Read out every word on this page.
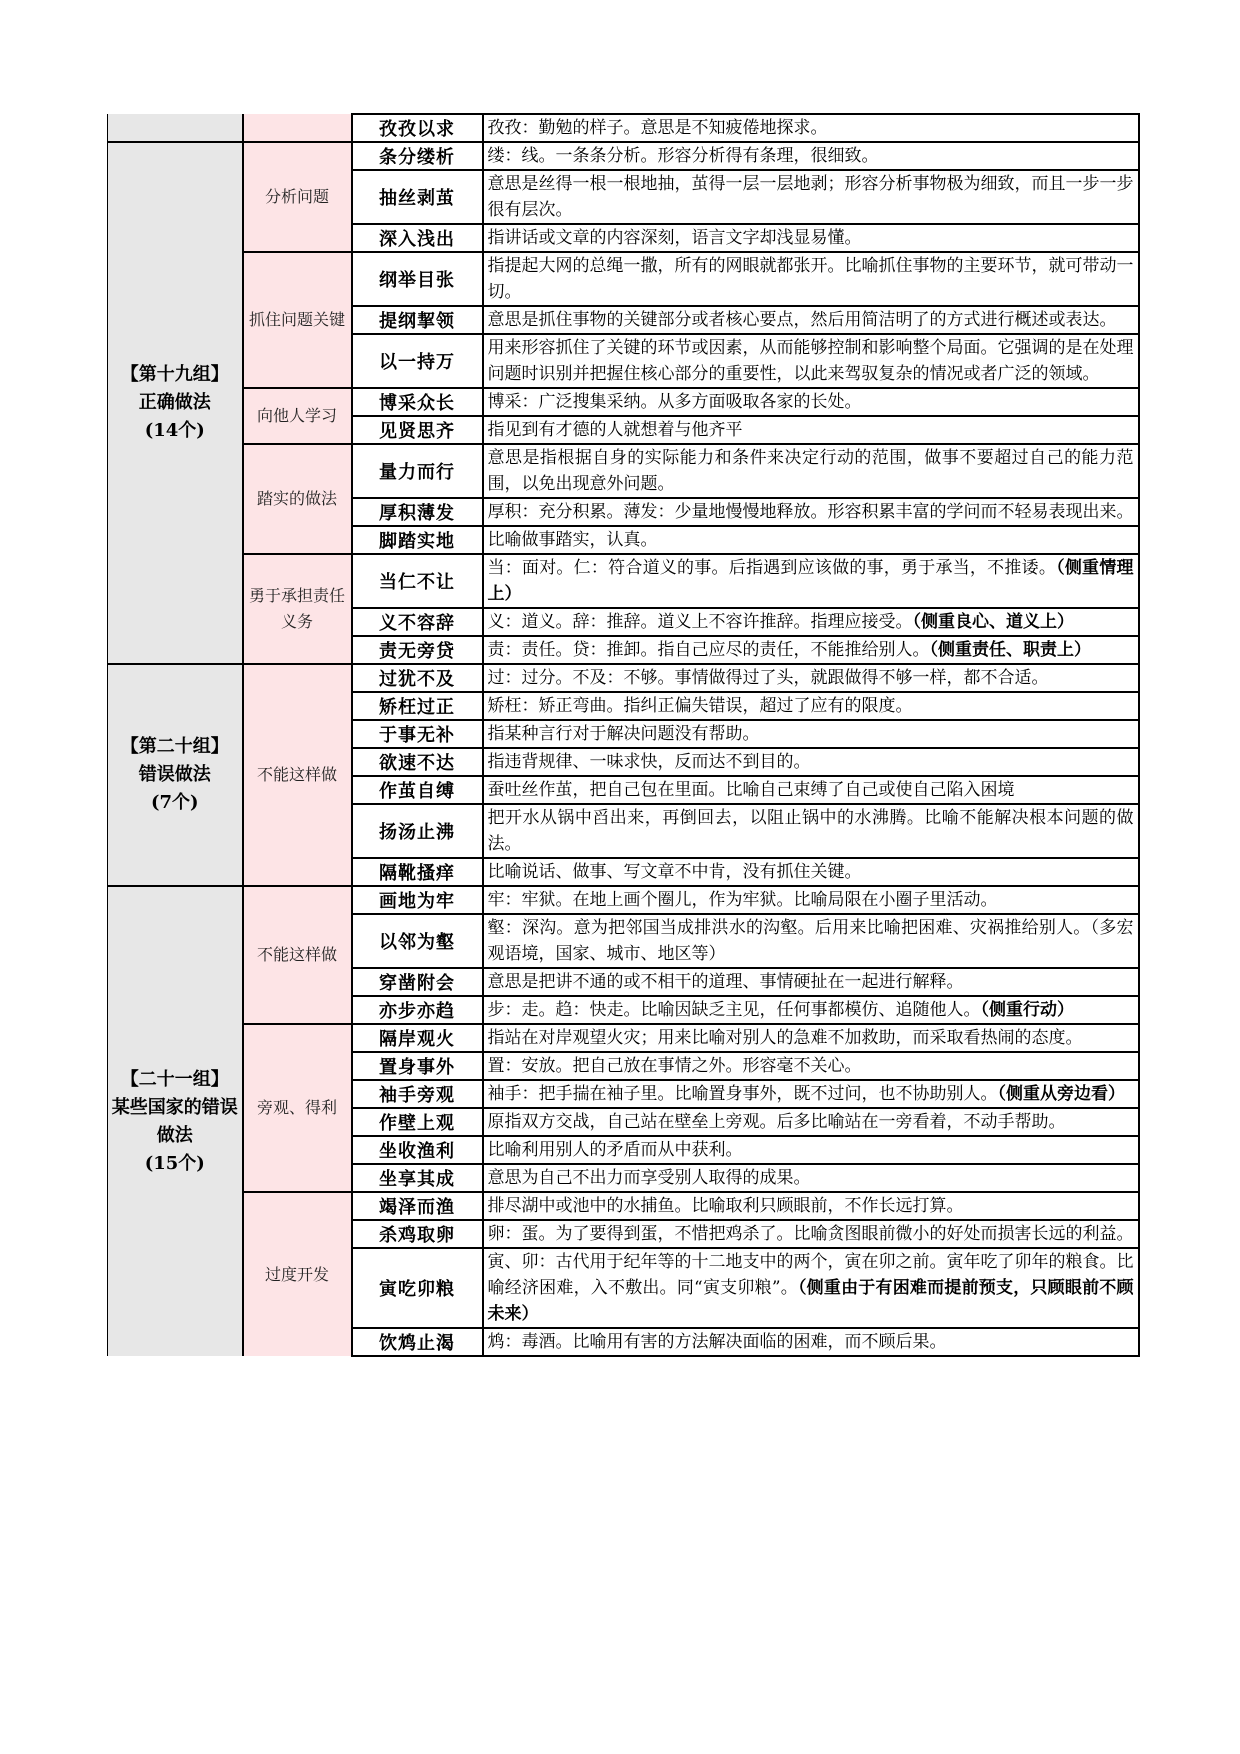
		孜孜以求	孜孜：勤勉的样子。意思是不知疲倦地探求。

【第十九组】
正确做法
(14个)	分析问题	条分缕析	缕：线。一条条分析。形容分析得有条理，很细致。
		抽丝剥茧	意思是丝得一根一根地抽，茧得一层一层地剥；形容分析事物极为细致，而且一步一步很有层次。
		深入浅出	指讲话或文章的内容深刻，语言文字却浅显易懂。
	抓住问题关键	纲举目张	指提起大网的总绳一撒，所有的网眼就都张开。比喻抓住事物的主要环节，就可带动一切。
		提纲挈领	意思是抓住事物的关键部分或者核心要点，然后用简洁明了的方式进行概述或表达。
		以一持万	用来形容抓住了关键的环节或因素，从而能够控制和影响整个局面。它强调的是在处理问题时识别并把握住核心部分的重要性，以此来驾驭复杂的情况或者广泛的领域。
	向他人学习	博采众长	博采：广泛搜集采纳。从多方面吸取各家的长处。
		见贤思齐	指见到有才德的人就想着与他齐平
	踏实的做法	量力而行	意思是指根据自身的实际能力和条件来决定行动的范围，做事不要超过自己的能力范围，以免出现意外问题。
		厚积薄发	厚积：充分积累。薄发：少量地慢慢地释放。形容积累丰富的学问而不轻易表现出来。
		脚踏实地	比喻做事踏实，认真。
	勇于承担责任义务	当仁不让	当：面对。仁：符合道义的事。后指遇到应该做的事，勇于承当，不推诿。（侧重情理上）
		义不容辞	义：道义。辞：推辞。道义上不容许推辞。指理应接受。（侧重良心、道义上）
		责无旁贷	责：责任。贷：推卸。指自己应尽的责任，不能推给别人。（侧重责任、职责上）

【第二十组】
错误做法
(7个)	不能这样做	过犹不及	过：过分。不及：不够。事情做得过了头，就跟做得不够一样，都不合适。
		矫枉过正	矫枉：矫正弯曲。指纠正偏失错误，超过了应有的限度。
		于事无补	指某种言行对于解决问题没有帮助。
		欲速不达	指违背规律、一味求快，反而达不到目的。
		作茧自缚	蚕吐丝作茧，把自己包在里面。比喻自己束缚了自己或使自己陷入困境
		扬汤止沸	把开水从锅中舀出来，再倒回去，以阻止锅中的水沸腾。比喻不能解决根本问题的做法。
		隔靴搔痒	比喻说话、做事、写文章不中肯，没有抓住关键。

【二十一组】
某些国家的错误做法
(15个)	不能这样做	画地为牢	牢：牢狱。在地上画个圈儿，作为牢狱。比喻局限在小圈子里活动。
		以邻为壑	壑：深沟。意为把邻国当成排洪水的沟壑。后用来比喻把困难、灾祸推给别人。（多宏观语境，国家、城市、地区等）
		穿凿附会	意思是把讲不通的或不相干的道理、事情硬扯在一起进行解释。
		亦步亦趋	步：走。趋：快走。比喻因缺乏主见，任何事都模仿、追随他人。（侧重行动）
	旁观、得利	隔岸观火	指站在对岸观望火灾；用来比喻对别人的急难不加救助，而采取看热闹的态度。
		置身事外	置：安放。把自己放在事情之外。形容毫不关心。
		袖手旁观	袖手：把手揣在袖子里。比喻置身事外，既不过问，也不协助别人。（侧重从旁边看）
		作壁上观	原指双方交战，自己站在壁垒上旁观。后多比喻站在一旁看着，不动手帮助。
		坐收渔利	比喻利用别人的矛盾而从中获利。
		坐享其成	意思为自己不出力而享受别人取得的成果。
	过度开发	竭泽而渔	排尽湖中或池中的水捕鱼。比喻取利只顾眼前，不作长远打算。
		杀鸡取卵	卵：蛋。为了要得到蛋，不惜把鸡杀了。比喻贪图眼前微小的好处而损害长远的利益。
		寅吃卯粮	寅、卯：古代用于纪年等的十二地支中的两个，寅在卯之前。寅年吃了卯年的粮食。比喻经济困难，入不敷出。同“寅支卯粮”。（侧重由于有困难而提前预支，只顾眼前不顾未来）
		饮鸩止渴	鸩：毒酒。比喻用有害的方法解决面临的困难，而不顾后果。
